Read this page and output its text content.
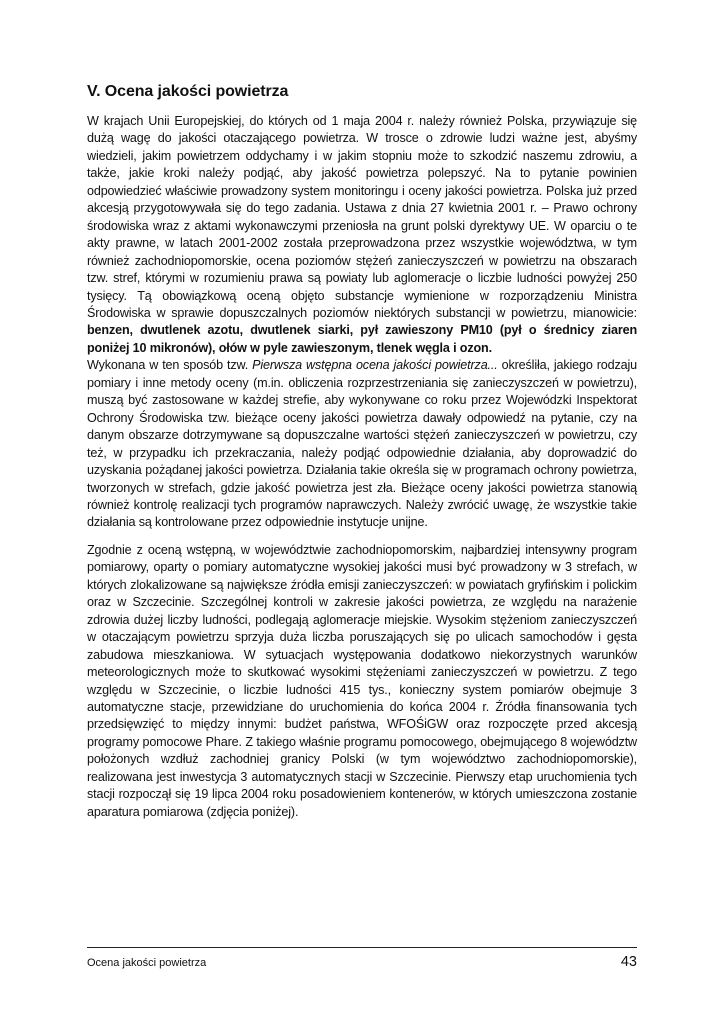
V. Ocena jakości powietrza

W krajach Unii Europejskiej, do których od 1 maja 2004 r. należy również Polska, przywiązuje się dużą wagę do jakości otaczającego powietrza. W trosce o zdrowie ludzi ważne jest, abyśmy wiedzieli, jakim powietrzem oddychamy i w jakim stopniu może to szkodzić naszemu zdrowiu, a także, jakie kroki należy podjąć, aby jakość powietrza polepszyć. Na to pytanie powinien odpowiedzieć właściwie prowadzony system monitoringu i oceny jakości powietrza. Polska już przed akcesją przygotowywała się do tego zadania. Ustawa z dnia 27 kwietnia 2001 r. – Prawo ochrony środowiska wraz z aktami wykonawczymi przeniosła na grunt polski dyrektywy UE. W oparciu o te akty prawne, w latach 2001-2002 została przeprowadzona przez wszystkie województwa, w tym również zachodniopomorskie, ocena poziomów stężeń zanieczyszczeń w powietrzu na obszarach tzw. stref, którymi w rozumieniu prawa są powiaty lub aglomeracje o liczbie ludności powyżej 250 tysięcy. Tą obowiązkową oceną objęto substancje wymienione w rozporządzeniu Ministra Środowiska w sprawie dopuszczalnych poziomów niektórych substancji w powietrzu, mianowicie: benzen, dwutlenek azotu, dwutlenek siarki, pył zawieszony PM10 (pył o średnicy ziaren poniżej 10 mikronów), ołów w pyle zawieszonym, tlenek węgla i ozon.

Wykonana w ten sposób tzw. Pierwsza wstępna ocena jakości powietrza... określiła, jakiego rodzaju pomiary i inne metody oceny (m.in. obliczenia rozprzestrzeniania się zanieczyszczeń w powietrzu), muszą być zastosowane w każdej strefie, aby wykonywane co roku przez Wojewódzki Inspektorat Ochrony Środowiska tzw. bieżące oceny jakości powietrza dawały odpowiedź na pytanie, czy na danym obszarze dotrzymywane są dopuszczalne wartości stężeń zanieczyszczeń w powietrzu, czy też, w przypadku ich przekraczania, należy podjąć odpowiednie działania, aby doprowadzić do uzyskania pożądanej jakości powietrza. Działania takie określa się w programach ochrony powietrza, tworzonych w strefach, gdzie jakość powietrza jest zła. Bieżące oceny jakości powietrza stanowią również kontrolę realizacji tych programów naprawczych. Należy zwrócić uwagę, że wszystkie takie działania są kontrolowane przez odpowiednie instytucje unijne.

Zgodnie z oceną wstępną, w województwie zachodniopomorskim, najbardziej intensywny program pomiarowy, oparty o pomiary automatyczne wysokiej jakości musi być prowadzony w 3 strefach, w których zlokalizowane są największe źródła emisji zanieczyszczeń: w powiatach gryfińskim i polickim oraz w Szczecinie. Szczególnej kontroli w zakresie jakości powietrza, ze względu na narażenie zdrowia dużej liczby ludności, podlegają aglomeracje miejskie. Wysokim stężeniom zanieczyszczeń w otaczającym powietrzu sprzyja duża liczba poruszających się po ulicach samochodów i gęsta zabudowa mieszkaniowa. W sytuacjach występowania dodatkowo niekorzystnych warunków meteorologicznych może to skutkować wysokimi stężeniami zanieczyszczeń w powietrzu. Z tego względu w Szczecinie, o liczbie ludności 415 tys., konieczny system pomiarów obejmuje 3 automatyczne stacje, przewidziane do uruchomienia do końca 2004 r. Źródła finansowania tych przedsięwzięć to między innymi: budżet państwa, WFOŚiGW oraz rozpoczęte przed akcesją programy pomocowe Phare. Z takiego właśnie programu pomocowego, obejmującego 8 województw położonych wzdłuż zachodniej granicy Polski (w tym województwo zachodniopomorskie), realizowana jest inwestycja 3 automatycznych stacji w Szczecinie. Pierwszy etap uruchomienia tych stacji rozpoczął się 19 lipca 2004 roku posadowieniem kontenerów, w których umieszczona zostanie aparatura pomiarowa (zdjęcia poniżej).

Ocena jakości powietrza	43
